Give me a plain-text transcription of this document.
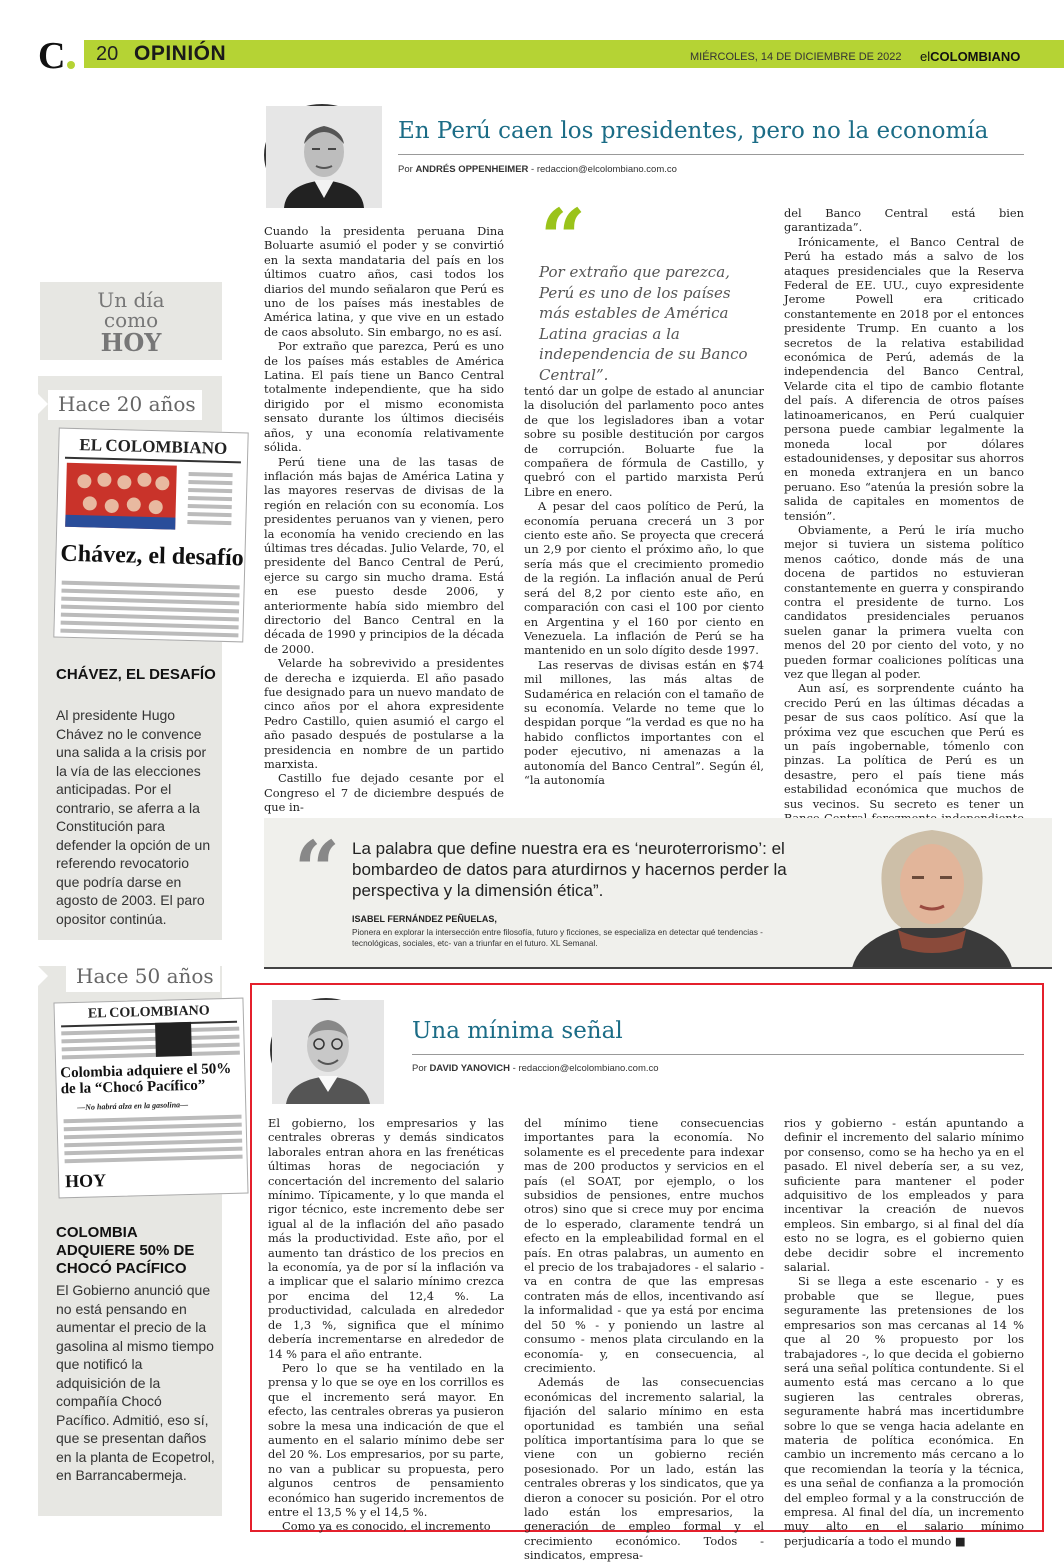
C 20 OPINIÓN	MIÉRCOLES, 14 DE DICIEMBRE DE 2022 elCOLOMBIANO
Un día
como
HOY
Hace 20 años
EL COLOMBIANO
Chávez, el desafío
CHÁVEZ, EL DESAFÍO
Al presidente Hugo Chávez no le convence una salida a la crisis por la vía de las elecciones anticipadas. Por el contrario, se aferra a la Constitución para defender la opción de un referendo revocatorio que podría darse en agosto de 2003. El paro opositor continúa.
Hace 50 años
EL COLOMBIANO
Colombia adquiere el 50% de la “Chocó Pacífico”
—No habrá alza en la gasolina—
HOY
COLOMBIA ADQUIERE 50% DE CHOCÓ PACÍFICO
El Gobierno anunció que no está pensando en aumentar el precio de la gasolina al mismo tiempo que notificó la adquisición de la compañía Chocó Pacífico. Admitió, eso sí, que se presentan daños en la planta de Ecopetrol, en Barrancabermeja.
En Perú caen los presidentes, pero no la economía
Por ANDRÉS OPPENHEIMER - redaccion@elcolombiano.com.co

Cuando la presidenta peruana Dina Boluarte asumió el poder y se convirtió en la sexta mandataria del país en los últimos cuatro años, casi todos los diarios del mundo señalaron que Perú es uno de los países más inestables de América latina, y que vive en un estado de caos absoluto. Sin embargo, no es así.

Por extraño que parezca, Perú es uno de los países más estables de América Latina. El país tiene un Banco Central totalmente independiente, que ha sido dirigido por el mismo economista sensato durante los últimos dieciséis años, y una economía relativamente sólida.

Perú tiene una de las tasas de inflación más bajas de América Latina y las mayores reservas de divisas de la región en relación con su economía. Los presidentes peruanos van y vienen, pero la economía ha venido creciendo en las últimas tres décadas. Julio Velarde, 70, el presidente del Banco Central de Perú, ejerce su cargo sin mucho drama. Está en ese puesto desde 2006, y anteriormente había sido miembro del directorio del Banco Central en la década de 1990 y principios de la década de 2000.

Velarde ha sobrevivido a presidentes de derecha e izquierda. El año pasado fue designado para un nuevo mandato de cinco años por el ahora expresidente Pedro Castillo, quien asumió el cargo el año pasado después de postularse a la presidencia en nombre de un partido marxista.

Castillo fue dejado cesante por el Congreso el 7 de diciembre después de que in-

“
Por extraño que parezca, Perú es uno de los países más estables de América Latina gracias a la independencia de su Banco Central”.

tentó dar un golpe de estado al anunciar la disolución del parlamento poco antes de que los legisladores iban a votar sobre su posible destitución por cargos de corrupción. Boluarte fue la compañera de fórmula de Castillo, y quebró con el partido marxista Perú Libre en enero.

A pesar del caos político de Perú, la economía peruana crecerá un 3 por ciento este año. Se proyecta que crecerá un 2,9 por ciento el próximo año, lo que sería más que el crecimiento promedio de la región. La inflación anual de Perú será del 8,2 por ciento este año, en comparación con casi el 100 por ciento en Argentina y el 160 por ciento en Venezuela. La inflación de Perú se ha mantenido en un solo dígito desde 1997.

Las reservas de divisas están en $74 mil millones, las más altas de Sudamérica en relación con el tamaño de su economía. Velarde no teme que lo despidan porque “la verdad es que no ha habido conflictos importantes con el poder ejecutivo, ni amenazas a la autonomía del Banco Central”. Según él, “la autonomía

del Banco Central está bien garantizada”.

Irónicamente, el Banco Central de Perú ha estado más a salvo de los ataques presidenciales que la Reserva Federal de EE. UU., cuyo expresidente Jerome Powell era criticado constantemente en 2018 por el entonces presidente Trump. En cuanto a los secretos de la relativa estabilidad económica de Perú, además de la independencia del Banco Central, Velarde cita el tipo de cambio flotante del país. A diferencia de otros países latinoamericanos, en Perú cualquier persona puede cambiar legalmente la moneda local por dólares estadounidenses, y depositar sus ahorros en moneda extranjera en un banco peruano. Eso “atenúa la presión sobre la salida de capitales en momentos de tensión”.

Obviamente, a Perú le iría mucho mejor si tuviera un sistema político menos caótico, donde más de una docena de partidos no estuvieran constantemente en guerra y conspirando contra el presidente de turno. Los candidatos presidenciales peruanos suelen ganar la primera vuelta con menos del 20 por ciento del voto, y no pueden formar coaliciones políticas una vez que llegan al poder.

Aun así, es sorprendente cuánto ha crecido Perú en las últimas décadas a pesar de sus caos político. Así que la próxima vez que escuchen que Perú es un país ingobernable, tómenlo con pinzas. La política de Perú es un desastre, pero el país tiene más estabilidad económica que muchos de sus vecinos. Su secreto es tener un

“ La palabra que define nuestra era es ‘neuroterrorismo’: el bombardeo de datos para aturdirnos y hacernos perder la perspectiva y la dimensión ética”.
ISABEL FERNÁNDEZ PEÑUELAS,
Pionera en explorar la intersección entre filosofía, futuro y ficciones, se especializa en detectar qué tendencias -tecnológicas, sociales, etc- van a triunfar en el futuro. XL Semanal.
Una mínima señal
Por DAVID YANOVICH - redaccion@elcolombiano.com.co

El gobierno, los empresarios y las centrales obreras y demás sindicatos laborales entran ahora en las frenéticas últimas horas de negociación y concertación del incremento del salario mínimo. Típicamente, y lo que manda el rigor técnico, este incremento debe ser igual al de la inflación del año pasado más la productividad. Este año, por el aumento tan drástico de los precios en la economía, ya de por sí la inflación va a implicar que el salario mínimo crezca por encima del 12,4 %. La productividad, calculada en alrededor de 1,3 %, significa que el mínimo debería incrementarse en alrededor de 14 % para el año entrante.

Pero lo que se ha ventilado en la prensa y lo que se oye en los corrillos es que el incremento será mayor. En efecto, las centrales obreras ya pusieron sobre la mesa una indicación de que el aumento en el salario mínimo debe ser del 20 %. Los empresarios, por su parte, no van a publicar su propuesta, pero algunos centros de pensamiento económico han sugerido incrementos de entre el 13,5 % y el 14,5 %.

Como ya es conocido, el incremento

del mínimo tiene consecuencias importantes para la economía. No solamente es el precedente para indexar mas de 200 productos y servicios en el país (el SOAT, por ejemplo, o los subsidios de pensiones, entre muchos otros) sino que si crece muy por encima de lo esperado, claramente tendrá un efecto en la empleabilidad formal en el país. En otras palabras, un aumento en el precio de los trabajadores - el salario - va en contra de que las empresas contraten más de ellos, incentivando así la informalidad - que ya está por encima del 50 % - y poniendo un lastre al consumo - menos plata circulando en la economía- y, en consecuencia, al crecimiento.

Además de las consecuencias económicas del incremento salarial, la fijación del salario mínimo en esta oportunidad es también una señal política importantísima para lo que se viene con un gobierno recién posesionado. Por un lado, están las centrales obreras y los sindicatos, que ya dieron a conocer su posición. Por el otro lado están los empresarios, la generación de empleo formal y el crecimiento económico. Todos - sindicatos, empresa-

rios y gobierno - están apuntando a definir el incremento del salario mínimo por consenso, como se ha hecho ya en el pasado. El nivel debería ser, a su vez, suficiente para mantener el poder adquisitivo de los empleados y para incentivar la creación de nuevos empleos. Sin embargo, si al final del día esto no se logra, es el gobierno quien debe decidir sobre el incremento salarial.

Si se llega a este escenario - y es probable que se llegue, pues seguramente las pretensiones de los empresarios son mas cercanas al 14 % que al 20 % propuesto por los trabajadores -, lo que decida el gobierno será una señal política contundente. Si el aumento está mas cercano a lo que sugieren las centrales obreras, seguramente habrá mas incertidumbre sobre lo que se venga hacia adelante en materia de política económica. En cambio un incremento más cercano a lo que recomiendan la teoría y la técnica, es una señal de confianza a la promoción del empleo formal y a la construcción de empresa. Al final del día, un incremento muy alto en el salario mínimo perjudicaría a todo el mundo ■
